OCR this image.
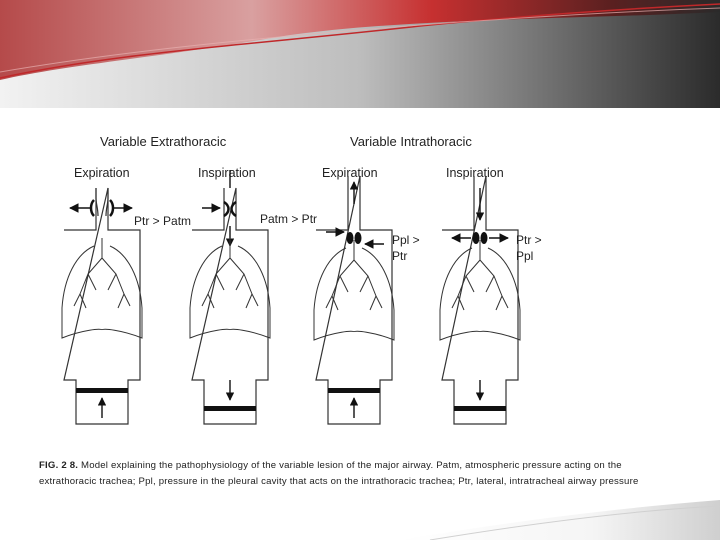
Variable Extrathoracic	Variable Intrathoracic
Expiration	Inspiration	Expiration	Inspiration
Ptr > Patm	Patm > Ptr
Ppl >
Ptr
Ptr >
Ppl
FIG. 2 8. Model explaining the pathophysiology of the variable lesion of the major airway. Patm, atmospheric pressure acting on the
extrathoracic trachea; Ppl, pressure in the pleural cavity that acts on the intrathoracic trachea; Ptr, lateral, intratracheal airway pressure
